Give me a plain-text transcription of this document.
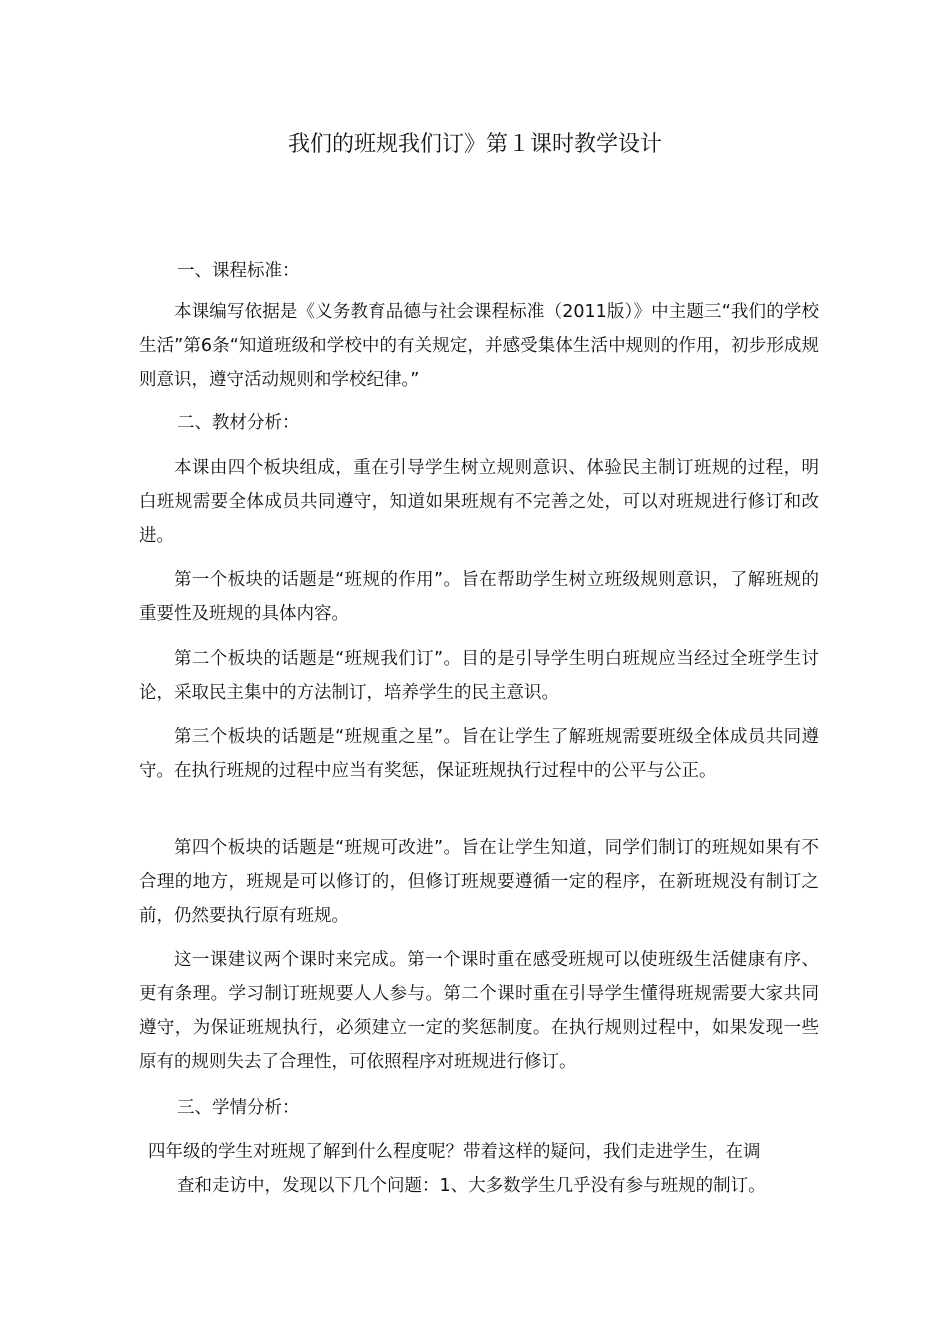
我们的班规我们订》第１课时教学设计

一、课程标准：

本课编写依据是《义务教育品德与社会课程标准（2011版）》中主题三“我们的学校生活”第6条“知道班级和学校中的有关规定，并感受集体生活中规则的作用，初步形成规则意识，遵守活动规则和学校纪律。”

二、教材分析：

本课由四个板块组成，重在引导学生树立规则意识、体验民主制订班规的过程，明白班规需要全体成员共同遵守，知道如果班规有不完善之处，可以对班规进行修订和改进。

第一个板块的话题是“班规的作用”。旨在帮助学生树立班级规则意识，了解班规的重要性及班规的具体内容。

第二个板块的话题是“班规我们订”。目的是引导学生明白班规应当经过全班学生讨论，采取民主集中的方法制订，培养学生的民主意识。

第三个板块的话题是“班规重之星”。旨在让学生了解班规需要班级全体成员共同遵守。在执行班规的过程中应当有奖惩，保证班规执行过程中的公平与公正。

第四个板块的话题是“班规可改进”。旨在让学生知道，同学们制订的班规如果有不合理的地方，班规是可以修订的，但修订班规要遵循一定的程序，在新班规没有制订之前，仍然要执行原有班规。

这一课建议两个课时来完成。第一个课时重在感受班规可以使班级生活健康有序、更有条理。学习制订班规要人人参与。第二个课时重在引导学生懂得班规需要大家共同遵守，为保证班规执行，必须建立一定的奖惩制度。在执行规则过程中，如果发现一些原有的规则失去了合理性，可依照程序对班规进行修订。

三、学情分析：

四年级的学生对班规了解到什么程度呢？带着这样的疑问，我们走进学生，在调
查和走访中，发现以下几个问题：1、大多数学生几乎没有参与班规的制订。
